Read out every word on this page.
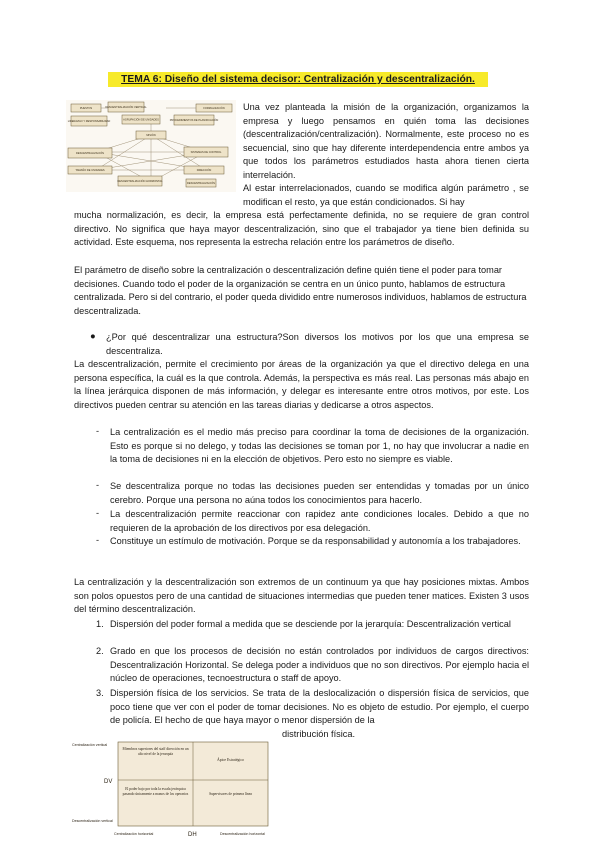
TEMA 6: Diseño del sistema decisor: Centralización y descentralización.
PUESTOS	DESCENTRALIZACIÓN VERTICAL	FORMALIZACIÓN
LIDERAZGO Y RESPONSABILIDAD	AGRUPACIÓN DE UNIDADES	PROCEDIMIENTOS DE PLANIFICACIÓN
MISIÓN
DESCENTRALIZACIÓN	SISTEMAS DE CONTROL
TAMAÑO DE UNIDADES	DIRECCIÓN
DESCENTRALIZACIÓN HORIZONTAL
DESCENTRALIZACIÓN

Una vez planteada la misión de la organización, organizamos la empresa y luego pensamos en quién toma las decisiones (descentralización/centralización). Normalmente, este proceso no es secuencial, sino que hay diferente interdependencia entre ambos ya que todos los parámetros estudiados hasta ahora tienen cierta interrelación.

Al estar interrelacionados, cuando se modifica algún parámetro , se modifican el resto, ya que están condicionados. Si hay

mucha normalización, es decir, la empresa está perfectamente definida, no se requiere de gran control directivo. No significa que haya mayor descentralización, sino que el trabajador ya tiene bien definida su actividad. Este esquema, nos representa la estrecha relación entre los parámetros de diseño.

El parámetro de diseño sobre la centralización o descentralización define quién tiene el poder para tomar decisiones. Cuando todo el poder de la organización se centra en un único punto, hablamos de estructura centralizada. Pero si del contrario, el poder queda dividido entre numerosos individuos, hablamos de estructura descentralizada.

● ¿Por qué descentralizar una estructura?Son diversos los motivos por los que una empresa se descentraliza.

La descentralización, permite el crecimiento por áreas de la organización ya que el directivo delega en una persona específica, la cuál es la que controla. Además, la perspectiva es más real. Las personas más abajo en la línea jerárquica disponen de más información, y delegar es interesante entre otros motivos, por este. Los directivos pueden centrar su atención en las tareas diarias y dedicarse a otros aspectos.

- La centralización es el medio más preciso para coordinar la toma de decisiones de la organización. Esto es porque si no delego, y todas las decisiones se toman por 1, no hay que involucrar a nadie en la toma de decisiones ni en la elección de objetivos. Pero esto no siempre es viable.

- Se descentraliza porque no todas las decisiones pueden ser entendidas y tomadas por un único cerebro. Porque una persona no aúna todos los conocimientos para hacerlo.

- La descentralización permite reaccionar con rapidez ante condiciones locales. Debido a que no requieren de la aprobación de los directivos por esa delegación.

- Constituye un estímulo de motivación. Porque se da responsabilidad y autonomía a los trabajadores.

La centralización y la descentralización son extremos de un continuum ya que hay posiciones mixtas. Ambos son polos opuestos pero de una cantidad de situaciones intermedias que pueden tener matices. Existen 3 usos del término descentralización.

1. Dispersión del poder formal a medida que se desciende por la jerarquía: Descentralización vertical

2. Grado en que los procesos de decisión no están controlados por individuos de cargos directivos: Descentralización Horizontal. Se delega poder a individuos que no son directivos. Por ejemplo hacia el núcleo de operaciones, tecnoestructura o staff de apoyo.

3. Dispersión física de los servicios. Se trata de la deslocalización o dispersión física de servicios, que poco tiene que ver con el poder de tomar decisiones. No es objeto de estudio. Por ejemplo, el cuerpo de policía. El hecho de que haya mayor o menor dispersión de la

distribución física.

Centralización vertical
DV
Descentralización vertical
Centralización horizontal	DH	Descentralización horizontal
Miembros superiores del staff dirección en un alto nivel de la jerarquía
Ápice Estratégico
El poder bajo por toda la escala jerárquica pasando únicamente a manos de los operarios	Supervisores de primera línea
